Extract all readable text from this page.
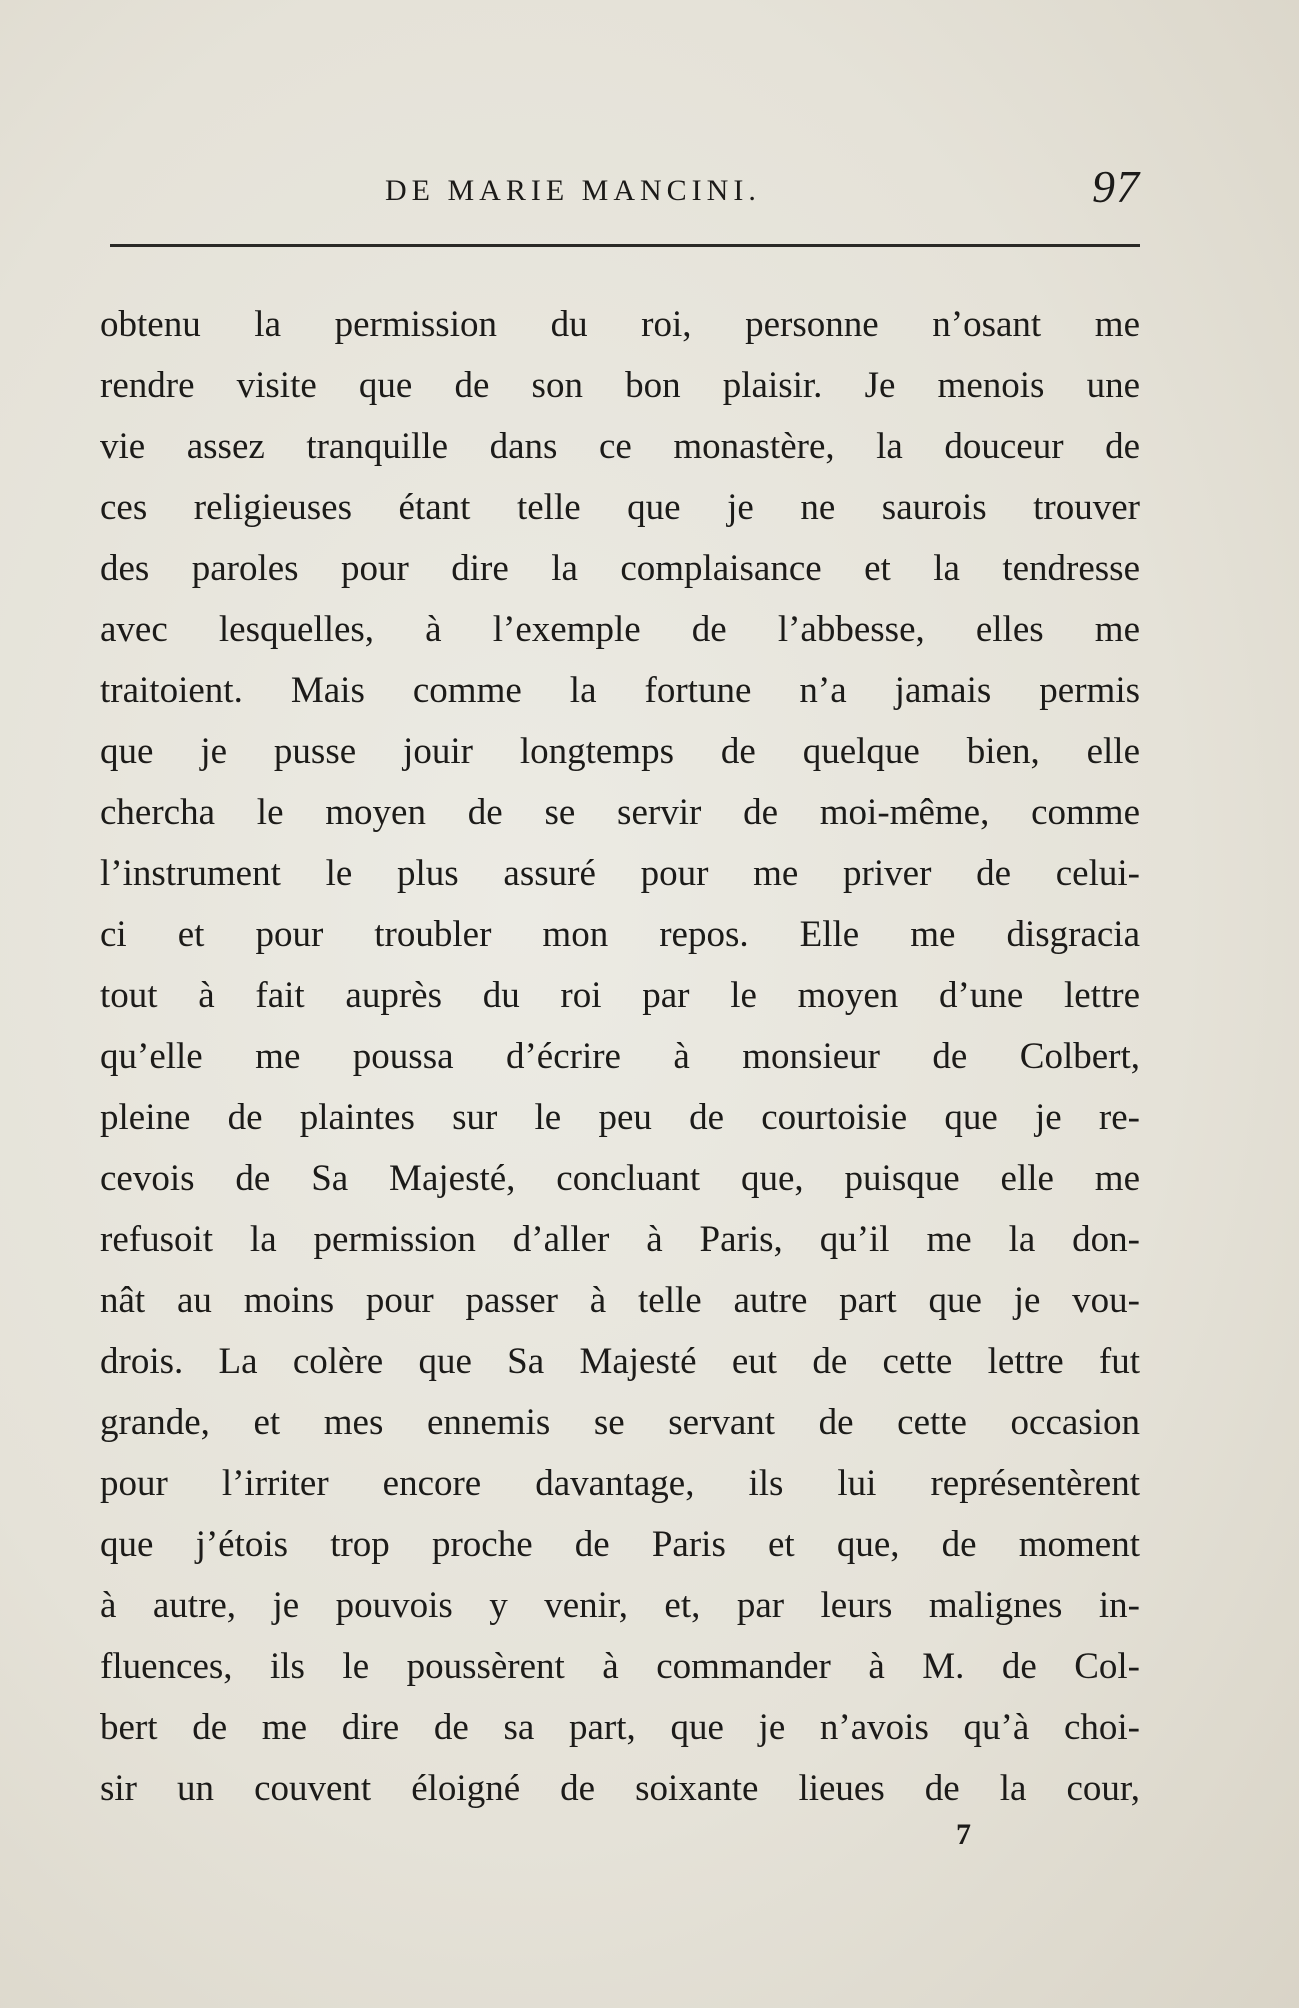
DE MARIE MANCINI.	97
obtenu la permission du roi, personne n’osant me
rendre visite que de son bon plaisir. Je menois une
vie assez tranquille dans ce monastère, la douceur de
ces religieuses étant telle que je ne saurois trouver
des paroles pour dire la complaisance et la tendresse
avec lesquelles, à l’exemple de l’abbesse, elles me
traitoient. Mais comme la fortune n’a jamais permis
que je pusse jouir longtemps de quelque bien, elle
chercha le moyen de se servir de moi-même, comme
l’instrument le plus assuré pour me priver de celui-
ci et pour troubler mon repos. Elle me disgracia
tout à fait auprès du roi par le moyen d’une lettre
qu’elle me poussa d’écrire à monsieur de Colbert,
pleine de plaintes sur le peu de courtoisie que je re-
cevois de Sa Majesté, concluant que, puisque elle me
refusoit la permission d’aller à Paris, qu’il me la don-
nât au moins pour passer à telle autre part que je vou-
drois. La colère que Sa Majesté eut de cette lettre fut
grande, et mes ennemis se servant de cette occasion
pour l’irriter encore davantage, ils lui représentèrent
que j’étois trop proche de Paris et que, de moment
à autre, je pouvois y venir, et, par leurs malignes in-
fluences, ils le poussèrent à commander à M. de Col-
bert de me dire de sa part, que je n’avois qu’à choi-
sir un couvent éloigné de soixante lieues de la cour,
7
